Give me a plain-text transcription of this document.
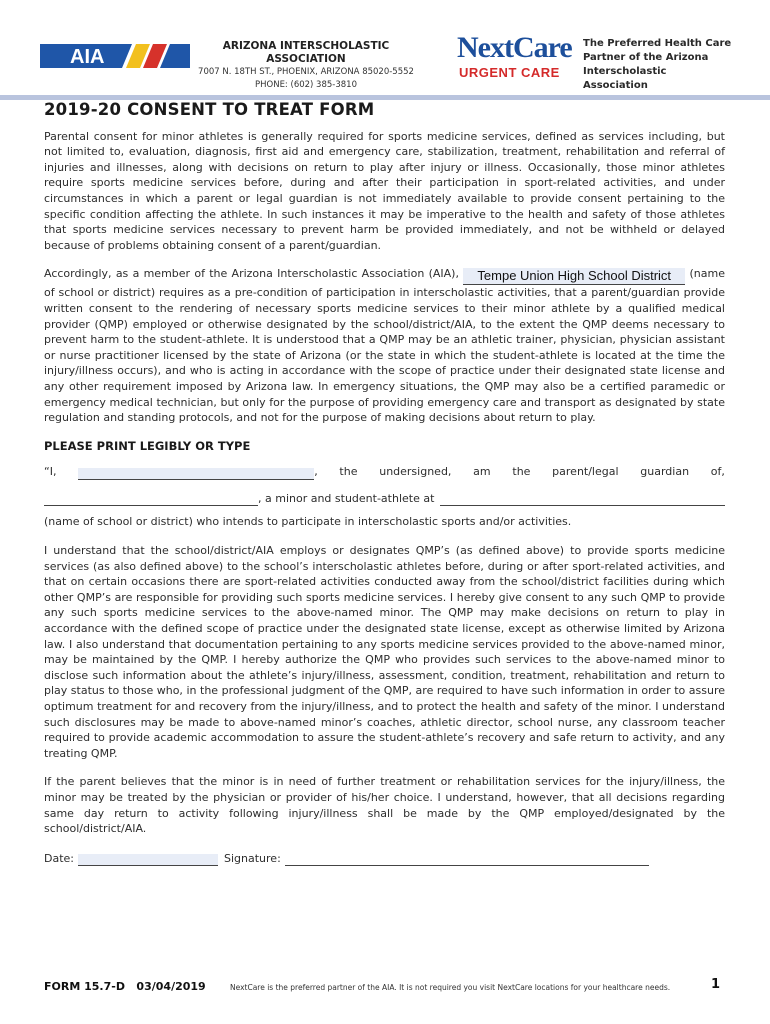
AIA	ARIZONA INTERSCHOLASTIC ASSOCIATION
7007 N. 18TH ST., PHOENIX, ARIZONA 85020-5552
PHONE: (602) 385-3810
NextCare
URGENT CARE
The Preferred Health Care
Partner of the Arizona
Interscholastic Association
2019-20 CONSENT TO TREAT FORM

Parental consent for minor athletes is generally required for sports medicine services, defined as services including, but not limited to, evaluation, diagnosis, first aid and emergency care, stabilization, treatment, rehabilitation and referral of injuries and illnesses, along with decisions on return to play after injury or illness. Occasionally, those minor athletes require sports medicine services before, during and after their participation in sport-related activities, and under circumstances in which a parent or legal guardian is not immediately available to provide consent pertaining to the specific condition affecting the athlete. In such instances it may be imperative to the health and safety of those athletes that sports medicine services necessary to prevent harm be provided immediately, and not be withheld or delayed because of problems obtaining consent of a parent/guardian.

Accordingly, as a member of the Arizona Interscholastic Association (AIA), Tempe Union High School District (name of school or district) requires as a pre-condition of participation in interscholastic activities, that a parent/guardian provide written consent to the rendering of necessary sports medicine services to their minor athlete by a qualified medical provider (QMP) employed or otherwise designated by the school/district/AIA, to the extent the QMP deems necessary to prevent harm to the student-athlete. It is understood that a QMP may be an athletic trainer, physician, physician assistant or nurse practitioner licensed by the state of Arizona (or the state in which the student-athlete is located at the time the injury/illness occurs), and who is acting in accordance with the scope of practice under their designated state license and any other requirement imposed by Arizona law. In emergency situations, the QMP may also be a certified paramedic or emergency medical technician, but only for the purpose of providing emergency care and transport as designated by state regulation and standing protocols, and not for the purpose of making decisions about return to play.

PLEASE PRINT LEGIBLY OR TYPE
“I,	, the undersigned, am the parent/legal guardian of,
, a minor and student-athlete at

(name of school or district) who intends to participate in interscholastic sports and/or activities.

I understand that the school/district/AIA employs or designates QMP’s (as defined above) to provide sports medicine services (as also defined above) to the school’s interscholastic athletes before, during or after sport-related activities, and that on certain occasions there are sport-related activities conducted away from the school/district facilities during which other QMP’s are responsible for providing such sports medicine services. I hereby give consent to any such QMP to provide any such sports medicine services to the above-named minor. The QMP may make decisions on return to play in accordance with the defined scope of practice under the designated state license, except as otherwise limited by Arizona law. I also understand that documentation pertaining to any sports medicine services provided to the above-named minor, may be maintained by the QMP. I hereby authorize the QMP who provides such services to the above-named minor to disclose such information about the athlete’s injury/illness, assessment, condition, treatment, rehabilitation and return to play status to those who, in the professional judgment of the QMP, are required to have such information in order to assure optimum treatment for and recovery from the injury/illness, and to protect the health and safety of the minor. I understand such disclosures may be made to above-named minor’s coaches, athletic director, school nurse, any classroom teacher required to provide academic accommodation to assure the student-athlete’s recovery and safe return to activity, and any treating QMP.

If the parent believes that the minor is in need of further treatment or rehabilitation services for the injury/illness, the minor may be treated by the physician or provider of his/her choice. I understand, however, that all decisions regarding same day return to activity following injury/illness shall be made by the QMP employed/designated by the school/district/AIA.

Date:	Signature:
FORM 15.7-D   03/04/2019	NextCare is the preferred partner of the AIA. It is not required you visit NextCare locations for your healthcare needs.	1
